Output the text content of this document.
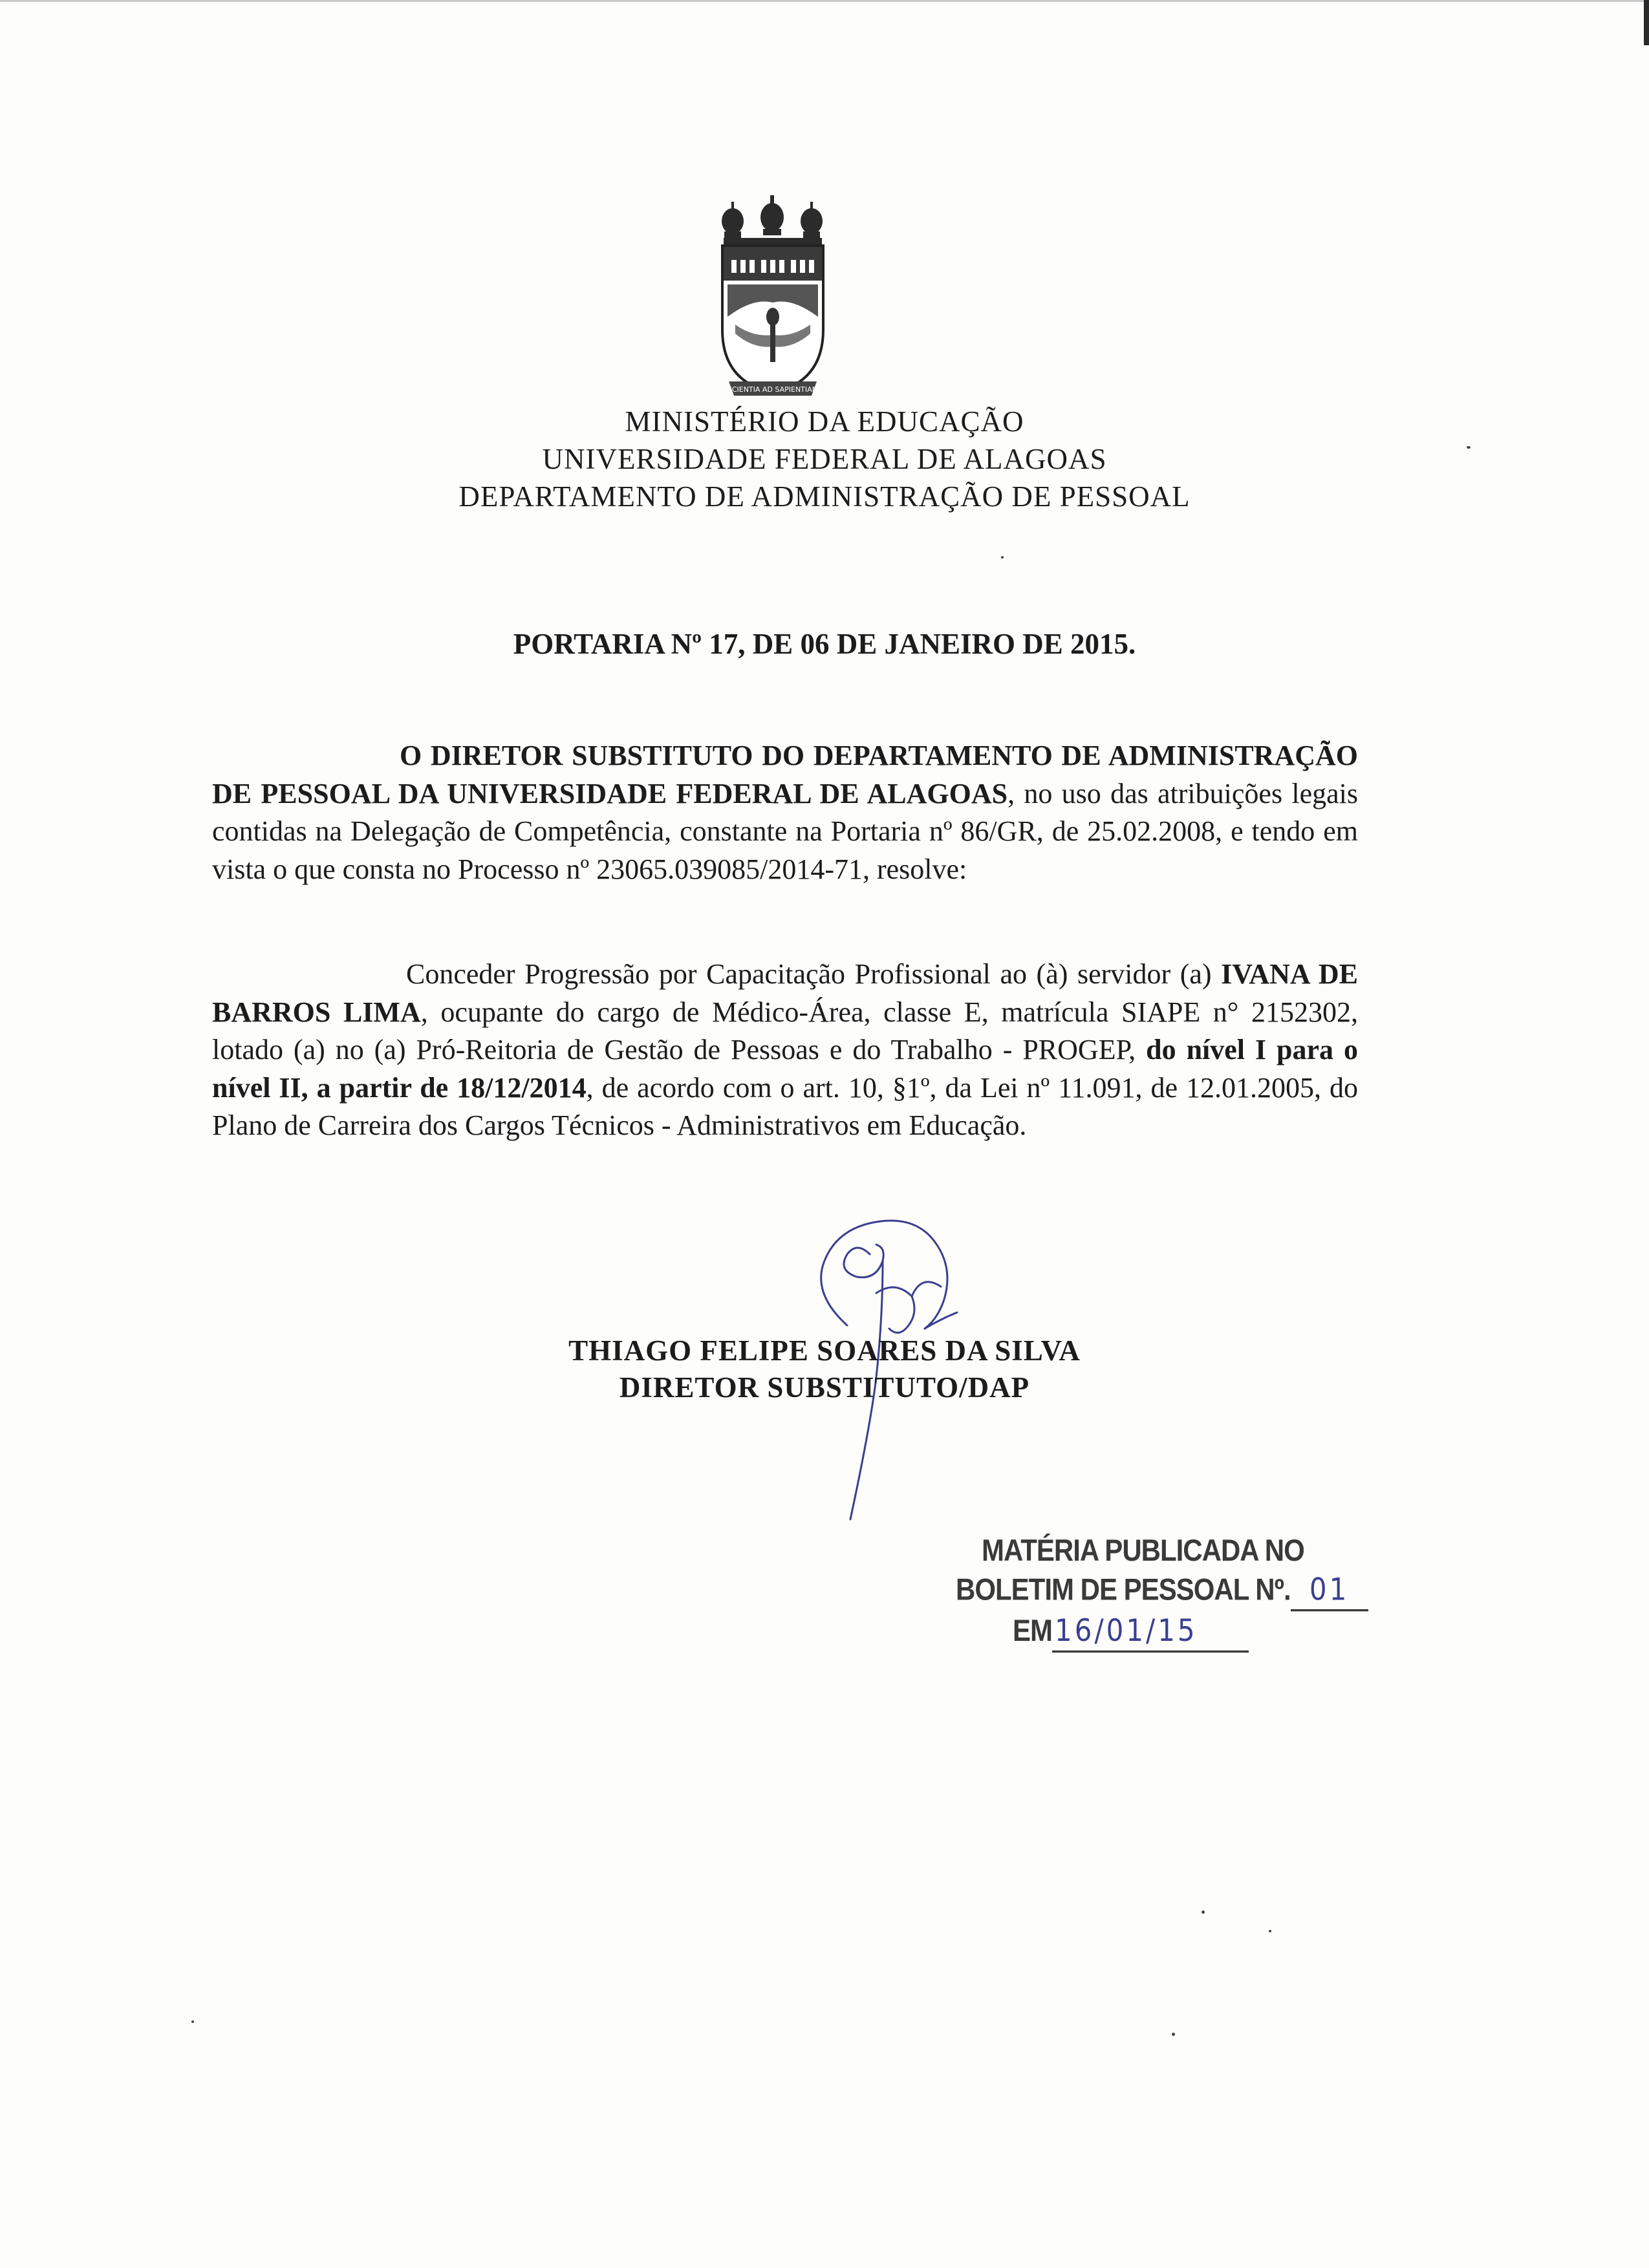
SCIENTIA AD SAPIENTIAM
MINISTÉRIO DA EDUCAÇÃO
UNIVERSIDADE FEDERAL DE ALAGOAS
DEPARTAMENTO DE ADMINISTRAÇÃO DE PESSOAL
PORTARIA Nº 17, DE 06 DE JANEIRO DE 2015.
O DIRETOR SUBSTITUTO DO DEPARTAMENTO DE ADMINISTRAÇÃO DE PESSOAL DA UNIVERSIDADE FEDERAL DE ALAGOAS, no uso das atribuições legais contidas na Delegação de Competência, constante na Portaria nº 86/GR, de 25.02.2008, e tendo em vista o que consta no Processo nº 23065.039085/2014-71, resolve:
Conceder Progressão por Capacitação Profissional ao (à) servidor (a) IVANA DE BARROS LIMA, ocupante do cargo de Médico-Área, classe E, matrícula SIAPE n° 2152302, lotado (a) no (a) Pró-Reitoria de Gestão de Pessoas e do Trabalho - PROGEP, do nível I para o nível II, a partir de 18/12/2014, de acordo com o art. 10, §1º, da Lei nº 11.091, de 12.01.2005, do Plano de Carreira dos Cargos Técnicos - Administrativos em Educação.
THIAGO FELIPE SOARES DA SILVA
DIRETOR SUBSTITUTO/DAP
MATÉRIA PUBLICADA NO
BOLETIM DE PESSOAL Nº. 01
EM16/01/15
